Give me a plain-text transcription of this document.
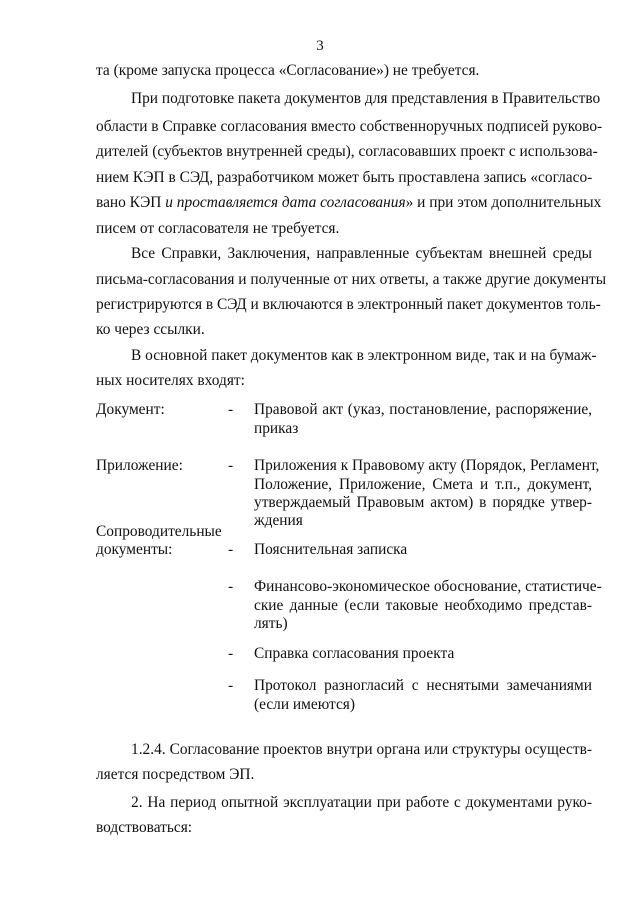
3
та (кроме запуска процесса «Согласование») не требуется.
При подготовке пакета документов для представления в Правительство
области в Справке согласования вместо собственноручных подписей руково-
дителей (субъектов внутренней среды), согласовавших проект с использова-
нием КЭП в СЭД, разработчиком может быть проставлена запись «согласо-
вано КЭП и проставляется дата согласования» и при этом дополнительных
писем от согласователя не требуется.
Все Справки, Заключения, направленные субъектам внешней среды
письма-согласования и полученные от них ответы, а также другие документы
регистрируются в СЭД и включаются в электронный пакет документов толь-
ко через ссылки.
В основной пакет документов как в электронном виде, так и на бумаж-
ных носителях входят:
Документ:	- Правовой акт (указ, постановление, распоряжение,
приказ
Приложение:	- Приложения к Правовому акту (Порядок, Регламент,
Положение, Приложение, Смета и т.п., документ,
утверждаемый Правовым актом) в порядке утвер-
ждения
Сопроводительные
документы:	- Пояснительная записка
- Финансово-экономическое обоснование, статистиче-
ские данные (если таковые необходимо представ-
лять)
- Справка согласования проекта
- Протокол разногласий с неснятыми замечаниями
(если имеются)
1.2.4. Согласование проектов внутри органа или структуры осуществ-
ляется посредством ЭП.
2. На период опытной эксплуатации при работе с документами руко-
водствоваться:
